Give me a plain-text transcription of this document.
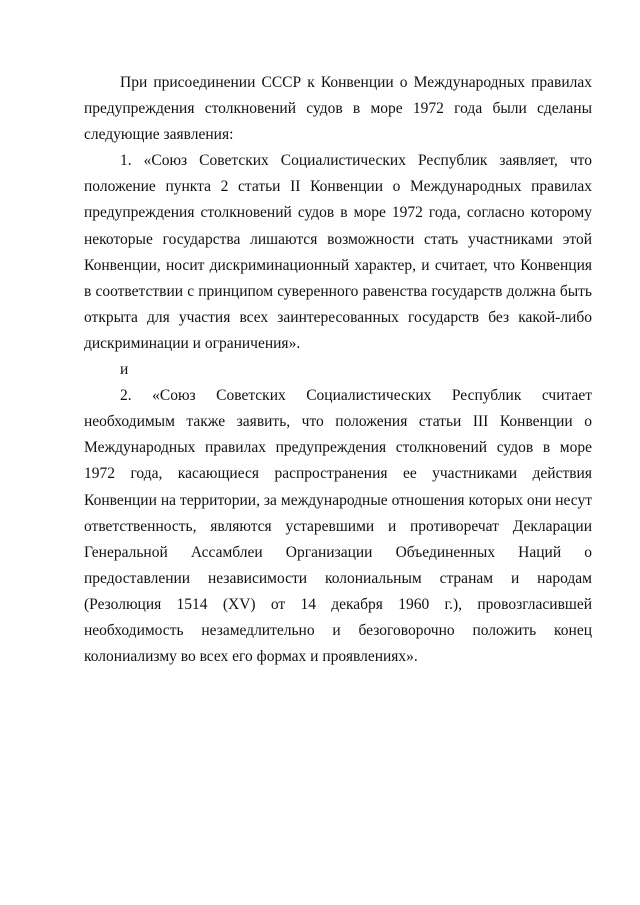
При присоединении СССР к Конвенции о Международных правилах предупреждения столкновений судов в море 1972 года были сделаны следующие заявления:

1. «Союз Советских Социалистических Республик заявляет, что положение пункта 2 статьи II Конвенции о Международных правилах предупреждения столкновений судов в море 1972 года, согласно которому некоторые государства лишаются возможности стать участниками этой Конвенции, носит дискриминационный характер, и считает, что Конвенция в соответствии с принципом суверенного равенства государств должна быть открыта для участия всех заинтересованных государств без какой-либо дискриминации и ограничения».

и

2. «Союз Советских Социалистических Республик считает необходимым также заявить, что положения статьи III Конвенции о Международных правилах предупреждения столкновений судов в море 1972 года, касающиеся распространения ее участниками действия Конвенции на территории, за международные отношения которых они несут ответственность, являются устаревшими и противоречат Декларации Генеральной Ассамблеи Организации Объединенных Наций о предоставлении независимости колониальным странам и народам (Резолюция 1514 (XV) от 14 декабря 1960 г.), провозгласившей необходимость незамедлительно и безоговорочно положить конец колониализму во всех его формах и проявлениях».
